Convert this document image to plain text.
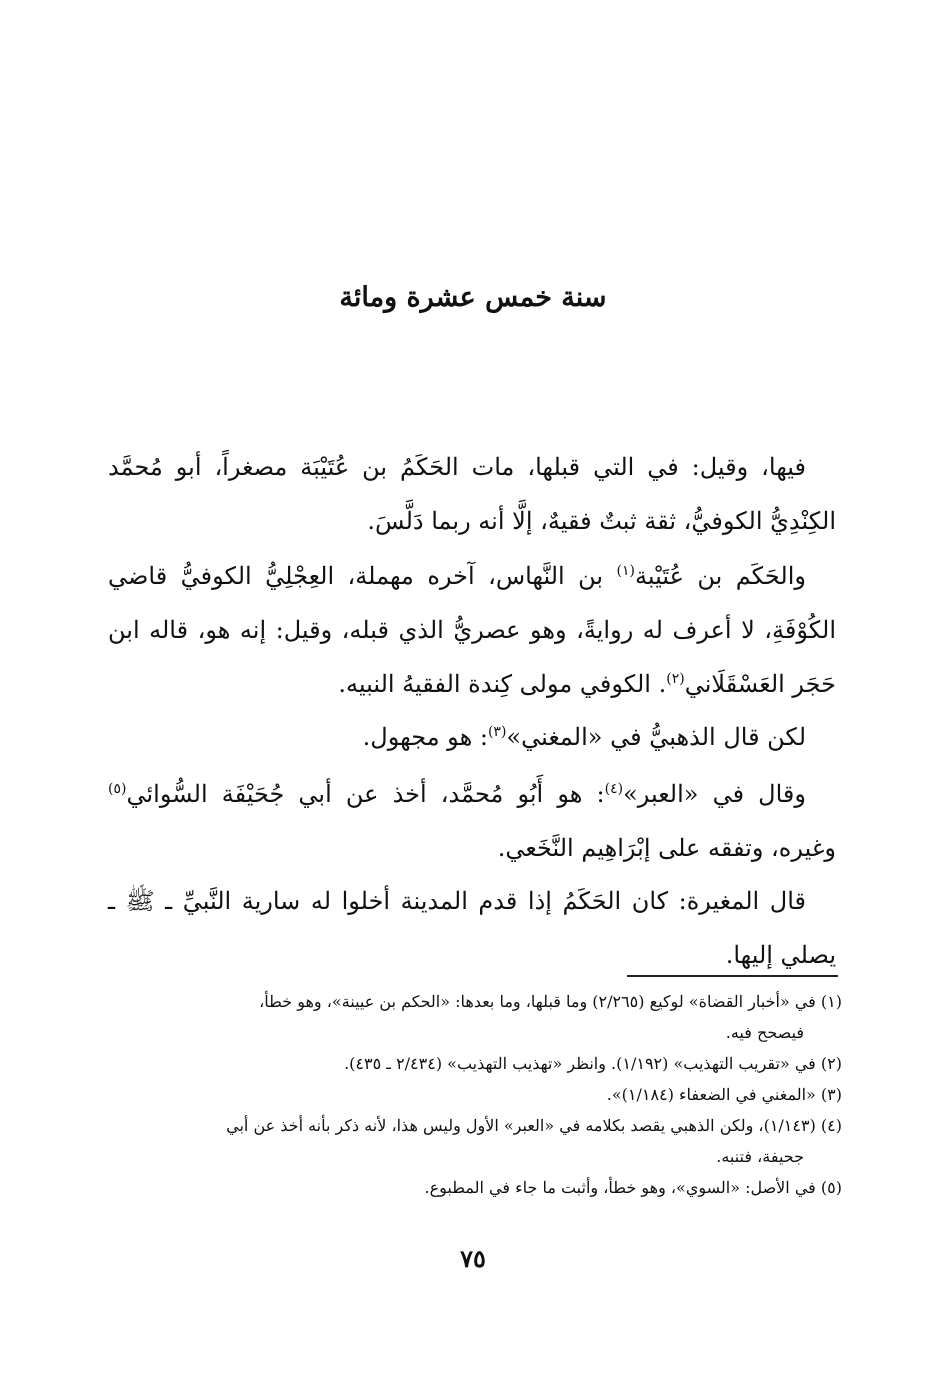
سنة خمس عشرة ومائة

فيها، وقيل: في التي قبلها، مات الحَكَمُ بن عُتَيْبَة مصغراً، أبو مُحمَّد الكِنْدِيُّ الكوفيُّ، ثقة ثبتٌ فقيهٌ، إلَّا أنه ربما دَلَّسَ.

والحَكَم بن عُتَيْبة$^{(١)}$ بن النَّهاس، آخره مهملة، العِجْلِيُّ الكوفيُّ قاضي الكُوْفَةِ، لا أعرف له روايةً، وهو عصريُّ الذي قبله، وقيل: إنه هو، قاله ابن حَجَر العَسْقَلَاني$^{(٢)}$. الكوفي مولى كِندة الفقيهُ النبيه.

لكن قال الذهبيُّ في «المغني»$^{(٣)}$: هو مجهول.

وقال في «العبر»$^{(٤)}$: هو أَبُو مُحمَّد، أخذ عن أبي جُحَيْفَة السُّوائي$^{(٥)}$ وغيره، وتفقه على إبْرَاهِيم النَّخَعي.

قال المغيرة: كان الحَكَمُ إذا قدم المدينة أخلوا له سارية النَّبيِّ ـ ﷺ ـ يصلي إليها.

(١) في «أخبار القضاة» لوكيع (٢/٢٦٥) وما قبلها، وما بعدها: «الحكم بن عيينة»، وهو خطأ،
فيصحح فيه.

(٢) في «تقريب التهذيب» (١/١٩٢). وانظر «تهذيب التهذيب» (٢/٤٣٤ ـ ٤٣٥).

(٣) «المغني في الضعفاء (١/١٨٤)».

(٤) (١/١٤٣)، ولكن الذهبي يقصد بكلامه في «العبر» الأول وليس هذا، لأنه ذكر بأنه أخذ عن أبي
جحيفة، فتنبه.

(٥) في الأصل: «السوي»، وهو خطأ، وأثبت ما جاء في المطبوع.

٧٥
